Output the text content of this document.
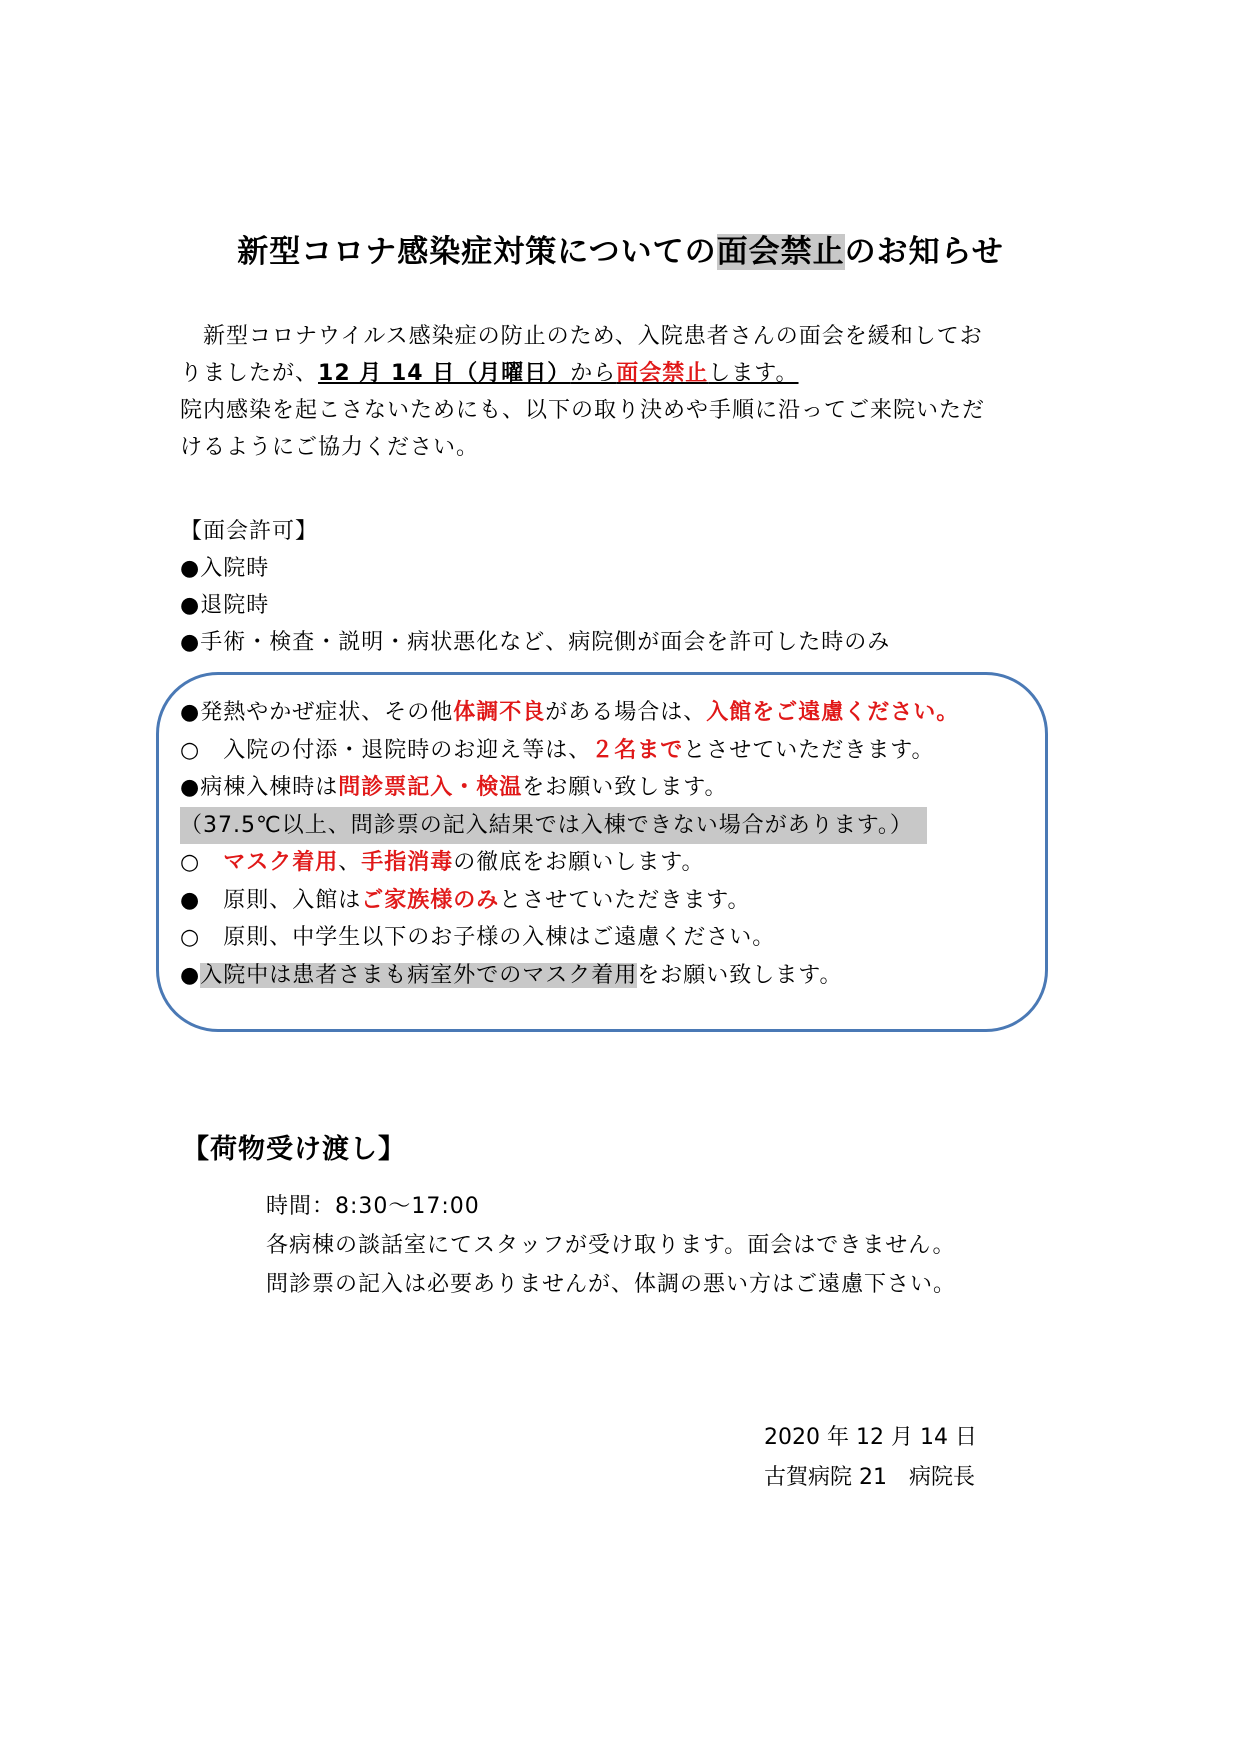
新型コロナ感染症対策についての面会禁止のお知らせ

　新型コロナウイルス感染症の防止のため、入院患者さんの面会を緩和してお

りましたが、12 月 14 日（月曜日）から面会禁止します。

院内感染を起こさないためにも、以下の取り決めや手順に沿ってご来院いただ

けるようにご協力ください。

【面会許可】
●入院時
●退院時
●手術・検査・説明・病状悪化など、病院側が面会を許可した時のみ
●発熱やかぜ症状、その他体調不良がある場合は、入館をご遠慮ください。
○　入院の付添・退院時のお迎え等は、２名までとさせていただきます。
●病棟入棟時は問診票記入・検温をお願い致します。
（37.5℃以上、問診票の記入結果では入棟できない場合があります。）
○　マスク着用、手指消毒の徹底をお願いします。
●　原則、入館はご家族様のみとさせていただきます。
○　原則、中学生以下のお子様の入棟はご遠慮ください。
●入院中は患者さまも病室外でのマスク着用をお願い致します。
【荷物受け渡し】
時間：8:30～17:00
各病棟の談話室にてスタッフが受け取ります。面会はできません。
問診票の記入は必要ありませんが、体調の悪い方はご遠慮下さい。
2020 年 12 月 14 日
古賀病院 21　病院長
